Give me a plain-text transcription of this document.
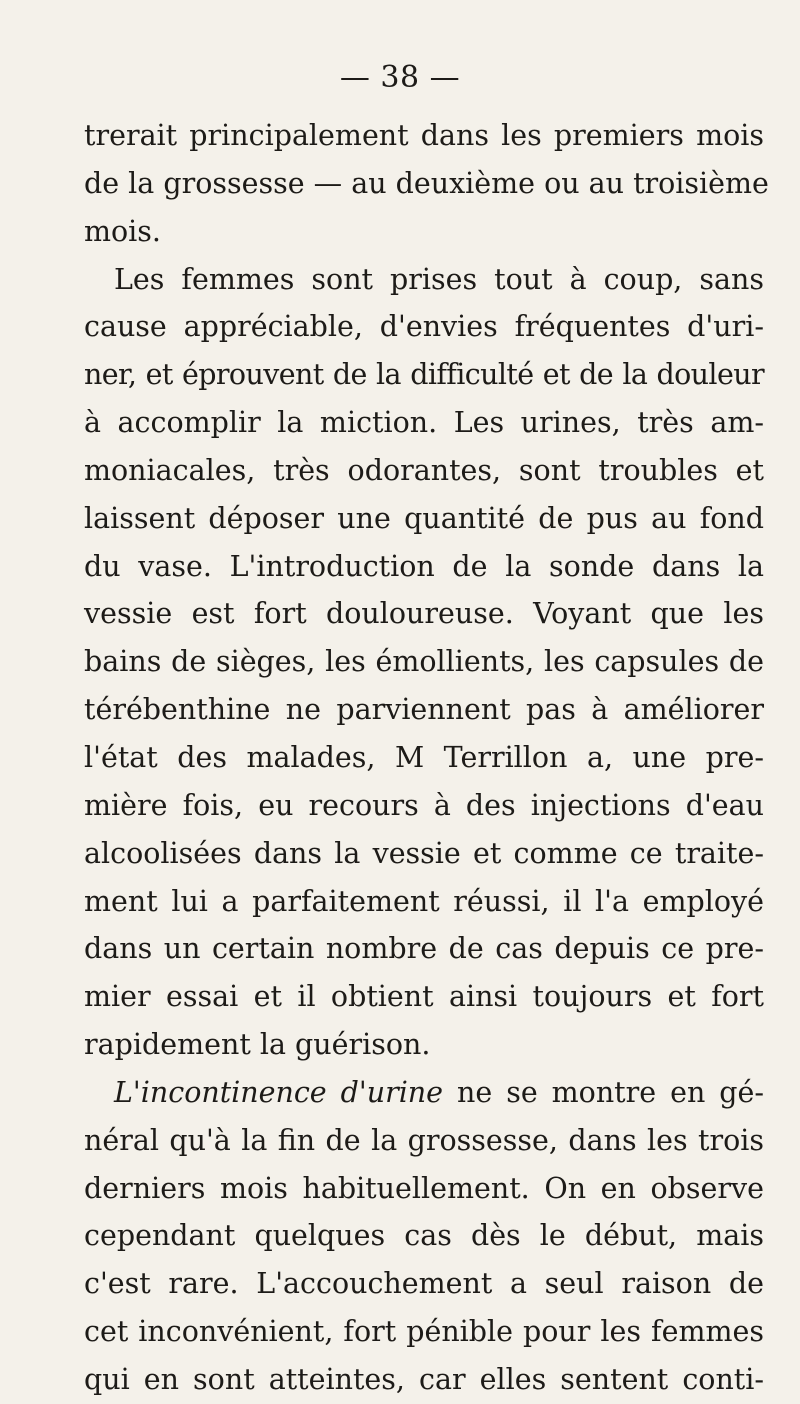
— 38 —
trerait principalement dans les premiers mois
de la grossesse — au deuxième ou au troisième
mois.
Les femmes sont prises tout à coup, sans
cause appréciable, d'envies fréquentes d'uri-
ner, et éprouvent de la difficulté et de la douleur
à accomplir la miction. Les urines, très am-
moniacales, très odorantes, sont troubles et
laissent déposer une quantité de pus au fond
du vase. L'introduction de la sonde dans la
vessie est fort douloureuse. Voyant que les
bains de sièges, les émollients, les capsules de
térébenthine ne parviennent pas à améliorer
l'état des malades, M Terrillon a, une pre-
mière fois, eu recours à des injections d'eau
alcoolisées dans la vessie et comme ce traite-
ment lui a parfaitement réussi, il l'a employé
dans un certain nombre de cas depuis ce pre-
mier essai et il obtient ainsi toujours et fort
rapidement la guérison.
L'incontinence d'urine ne se montre en gé-
néral qu'à la fin de la grossesse, dans les trois
derniers mois habituellement. On en observe
cependant quelques cas dès le début, mais
c'est rare. L'accouchement a seul raison de
cet inconvénient, fort pénible pour les femmes
qui en sont atteintes, car elles sentent conti-
